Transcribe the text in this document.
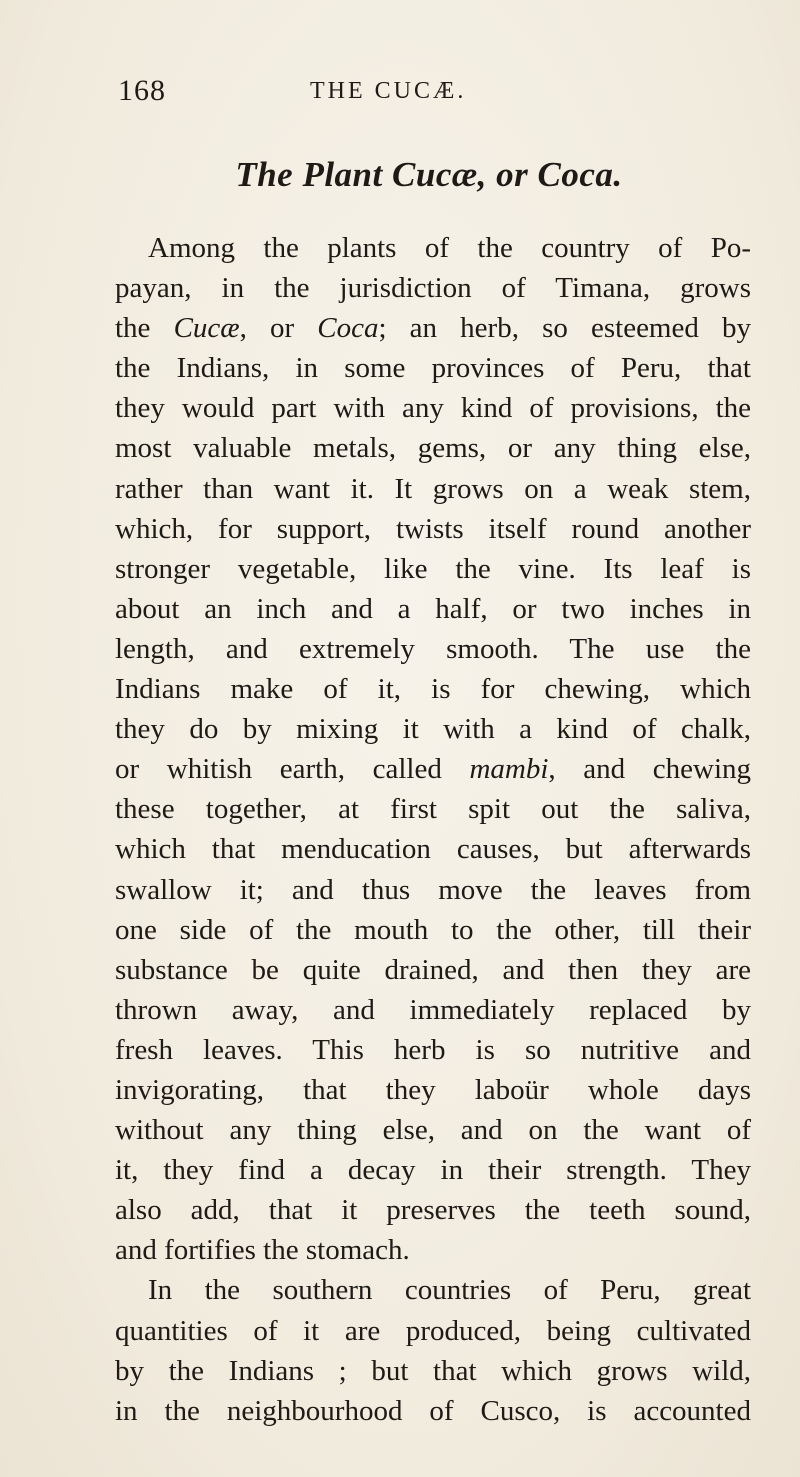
168	THE CUCÆ.
The Plant Cucæ, or Coca.
Among the plants of the country of Po-
payan, in the jurisdiction of Timana, grows
the Cucæ, or Coca; an herb, so esteemed by
the Indians, in some provinces of Peru, that
they would part with any kind of provisions, the
most valuable metals, gems, or any thing else,
rather than want it. It grows on a weak stem,
which, for support, twists itself round another
stronger vegetable, like the vine. Its leaf is
about an inch and a half, or two inches in
length, and extremely smooth. The use the
Indians make of it, is for chewing, which
they do by mixing it with a kind of chalk,
or whitish earth, called mambi, and chewing
these together, at first spit out the saliva,
which that menducation causes, but afterwards
swallow it; and thus move the leaves from
one side of the mouth to the other, till their
substance be quite drained, and then they are
thrown away, and immediately replaced by
fresh leaves. This herb is so nutritive and
invigorating, that they laboür whole days
without any thing else, and on the want of
it, they find a decay in their strength. They
also add, that it preserves the teeth sound,
and fortifies the stomach.
In the southern countries of Peru, great
quantities of it are produced, being cultivated
by the Indians ; but that which grows wild,
in the neighbourhood of Cusco, is accounted
